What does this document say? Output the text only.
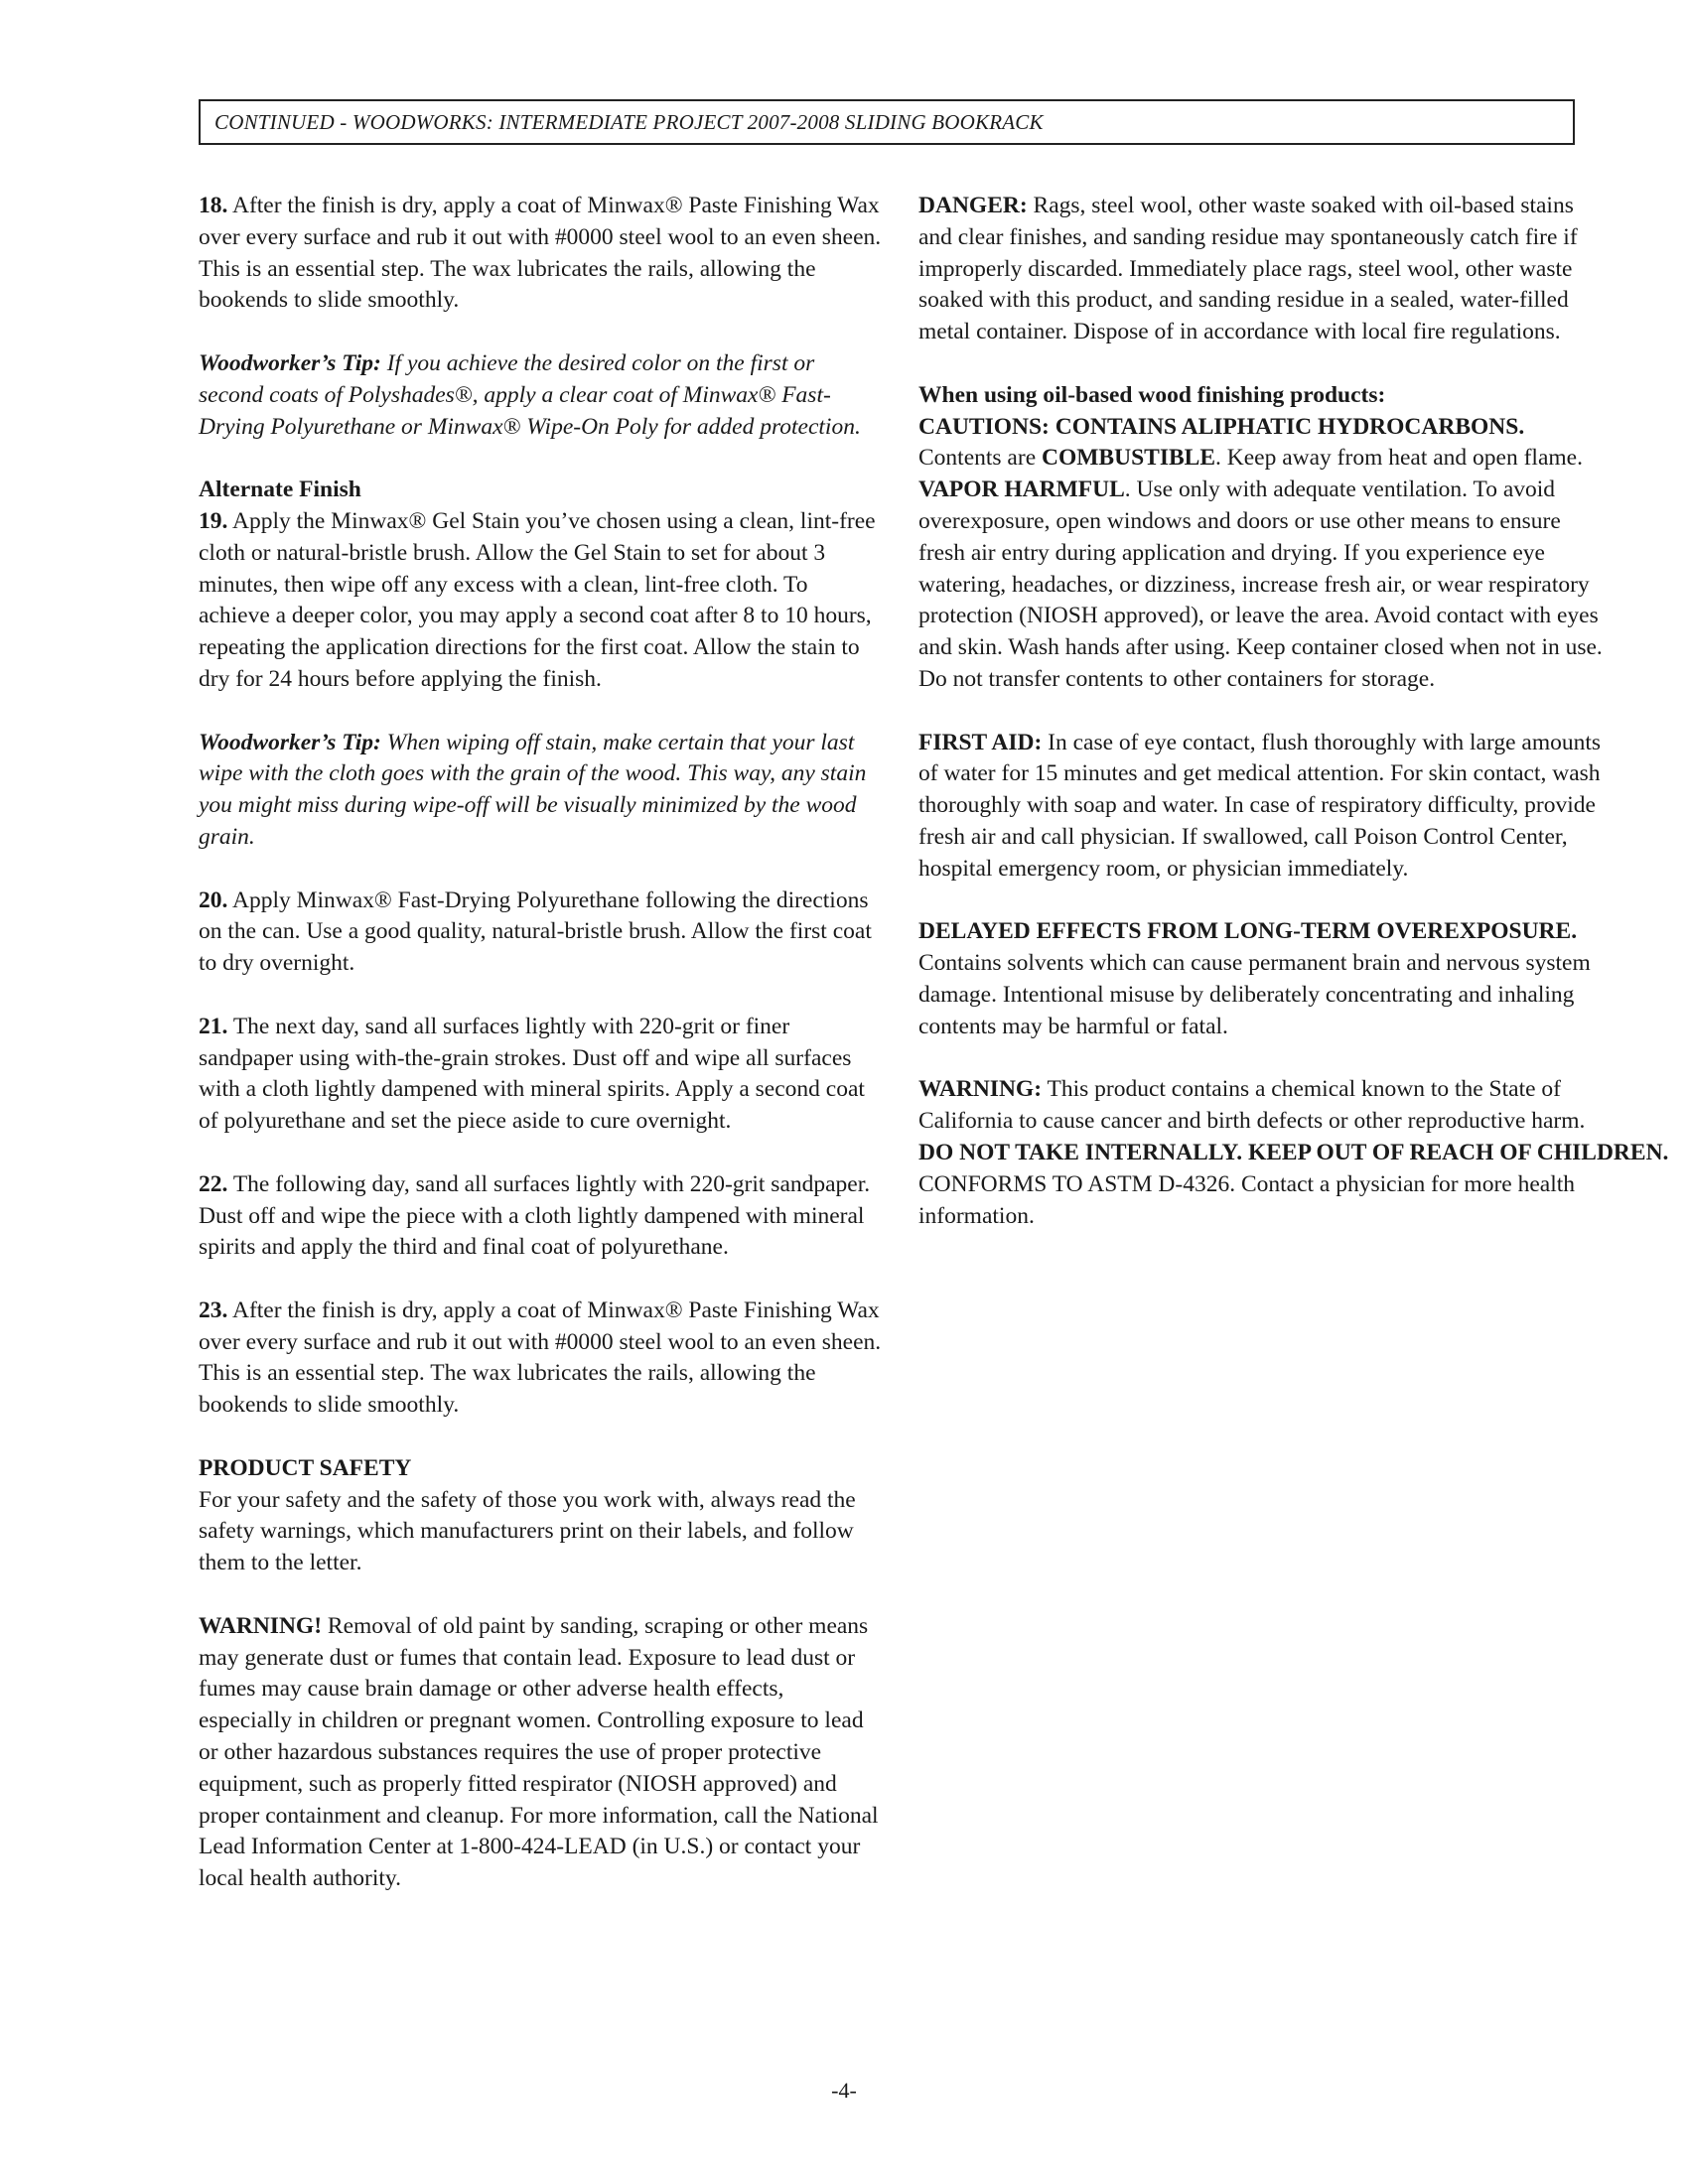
CONTINUED - WOODWORKS: INTERMEDIATE PROJECT 2007-2008 SLIDING BOOKRACK

18. After the finish is dry, apply a coat of Minwax® Paste Finishing Wax over every surface and rub it out with #0000 steel wool to an even sheen. This is an essential step. The wax lubricates the rails, allowing the bookends to slide smoothly.

Woodworker’s Tip: If you achieve the desired color on the first or second coats of Polyshades®, apply a clear coat of Minwax® Fast-Drying Polyurethane or Minwax® Wipe-On Poly for added protection.

Alternate Finish

19. Apply the Minwax® Gel Stain you’ve chosen using a clean, lint-free cloth or natural-bristle brush. Allow the Gel Stain to set for about 3 minutes, then wipe off any excess with a clean, lint-free cloth. To achieve a deeper color, you may apply a second coat after 8 to 10 hours, repeating the application directions for the first coat. Allow the stain to dry for 24 hours before applying the finish.

Woodworker’s Tip: When wiping off stain, make certain that your last wipe with the cloth goes with the grain of the wood. This way, any stain you might miss during wipe-off will be visually minimized by the wood grain.

20. Apply Minwax® Fast-Drying Polyurethane following the directions on the can. Use a good quality, natural-bristle brush. Allow the first coat to dry overnight.

21. The next day, sand all surfaces lightly with 220-grit or finer sandpaper using with-the-grain strokes. Dust off and wipe all surfaces with a cloth lightly dampened with mineral spirits. Apply a second coat of polyurethane and set the piece aside to cure overnight.

22. The following day, sand all surfaces lightly with 220-grit sandpaper. Dust off and wipe the piece with a cloth lightly dampened with mineral spirits and apply the third and final coat of polyurethane.

23. After the finish is dry, apply a coat of Minwax® Paste Finishing Wax over every surface and rub it out with #0000 steel wool to an even sheen. This is an essential step. The wax lubricates the rails, allowing the bookends to slide smoothly.

PRODUCT SAFETY

For your safety and the safety of those you work with, always read the safety warnings, which manufacturers print on their labels, and follow them to the letter.

WARNING! Removal of old paint by sanding, scraping or other means may generate dust or fumes that contain lead. Exposure to lead dust or fumes may cause brain damage or other adverse health effects, especially in children or pregnant women. Controlling exposure to lead or other hazardous substances requires the use of proper protective equipment, such as properly fitted respirator (NIOSH approved) and proper containment and cleanup. For more information, call the National Lead Information Center at 1-800-424-LEAD (in U.S.) or contact your local health authority.

DANGER: Rags, steel wool, other waste soaked with oil-based stains and clear finishes, and sanding residue may spontaneously catch fire if improperly discarded. Immediately place rags, steel wool, other waste soaked with this product, and sanding residue in a sealed, water-filled metal container. Dispose of in accordance with local fire regulations.

When using oil-based wood finishing products:
CAUTIONS: CONTAINS ALIPHATIC HYDROCARBONS.
Contents are COMBUSTIBLE. Keep away from heat and open flame.

VAPOR HARMFUL. Use only with adequate ventilation. To avoid overexposure, open windows and doors or use other means to ensure fresh air entry during application and drying. If you experience eye watering, headaches, or dizziness, increase fresh air, or wear respiratory protection (NIOSH approved), or leave the area. Avoid contact with eyes and skin. Wash hands after using. Keep container closed when not in use. Do not transfer contents to other containers for storage.

FIRST AID: In case of eye contact, flush thoroughly with large amounts of water for 15 minutes and get medical attention. For skin contact, wash thoroughly with soap and water. In case of respiratory difficulty, provide fresh air and call physician. If swallowed, call Poison Control Center, hospital emergency room, or physician immediately.

DELAYED EFFECTS FROM LONG-TERM OVEREXPOSURE.

Contains solvents which can cause permanent brain and nervous system damage. Intentional misuse by deliberately concentrating and inhaling contents may be harmful or fatal.

WARNING: This product contains a chemical known to the State of California to cause cancer and birth defects or other reproductive harm.
DO NOT TAKE INTERNALLY. KEEP OUT OF REACH OF CHILDREN.
CONFORMS TO ASTM D-4326. Contact a physician for more health information.
-4-
